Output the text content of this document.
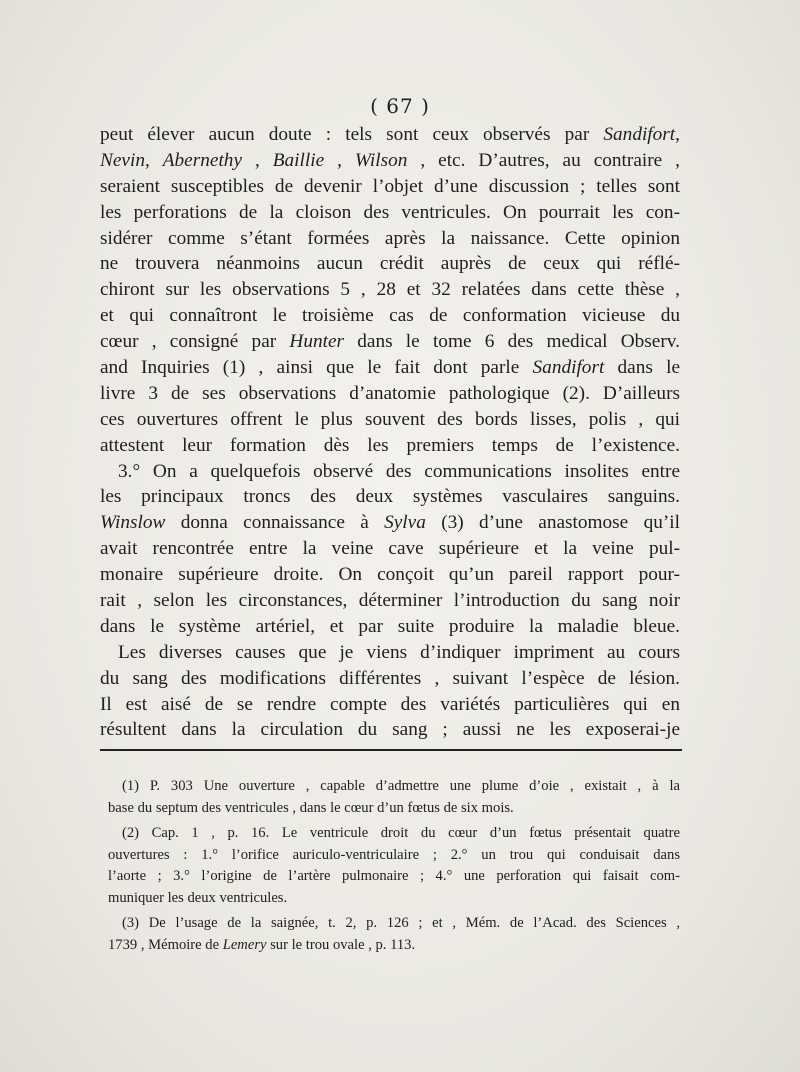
( 67 )
peut élever aucun doute : tels sont ceux observés par Sandifort,
Nevin, Abernethy , Baillie , Wilson , etc. D’autres, au contraire ,
seraient susceptibles de devenir l’objet d’une discussion ; telles sont
les perforations de la cloison des ventricules. On pourrait les con-
sidérer comme s’étant formées après la naissance. Cette opinion
ne trouvera néanmoins aucun crédit auprès de ceux qui réflé-
chiront sur les observations 5 , 28 et 32 relatées dans cette thèse ,
et qui connaîtront le troisième cas de conformation vicieuse du
cœur , consigné par Hunter dans le tome 6 des medical Observ.
and Inquiries (1) , ainsi que le fait dont parle Sandifort dans le
livre 3 de ses observations d’anatomie pathologique (2). D’ailleurs
ces ouvertures offrent le plus souvent des bords lisses, polis , qui
attestent leur formation dès les premiers temps de l’existence.
3.° On a quelquefois observé des communications insolites entre
les principaux troncs des deux systèmes vasculaires sanguins.
Winslow donna connaissance à Sylva (3) d’une anastomose qu’il
avait rencontrée entre la veine cave supérieure et la veine pul-
monaire supérieure droite. On conçoit qu’un pareil rapport pour-
rait , selon les circonstances, déterminer l’introduction du sang noir
dans le système artériel, et par suite produire la maladie bleue.
Les diverses causes que je viens d’indiquer impriment au cours
du sang des modifications différentes , suivant l’espèce de lésion.
Il est aisé de se rendre compte des variétés particulières qui en
résultent dans la circulation du sang ; aussi ne les exposerai-je
(1) P. 303 Une ouverture , capable d’admettre une plume d’oie , existait , à la
base du septum des ventricules , dans le cœur d’un fœtus de six mois.
(2) Cap. 1 , p. 16. Le ventricule droit du cœur d’un fœtus présentait quatre
ouvertures : 1.° l’orifice auriculo-ventriculaire ; 2.° un trou qui conduisait dans
l’aorte ; 3.° l’origine de l’artère pulmonaire ; 4.° une perforation qui faisait com-
muniquer les deux ventricules.
(3) De l’usage de la saignée, t. 2, p. 126 ; et , Mém. de l’Acad. des Sciences ,
1739 , Mémoire de Lemery sur le trou ovale , p. 113.
